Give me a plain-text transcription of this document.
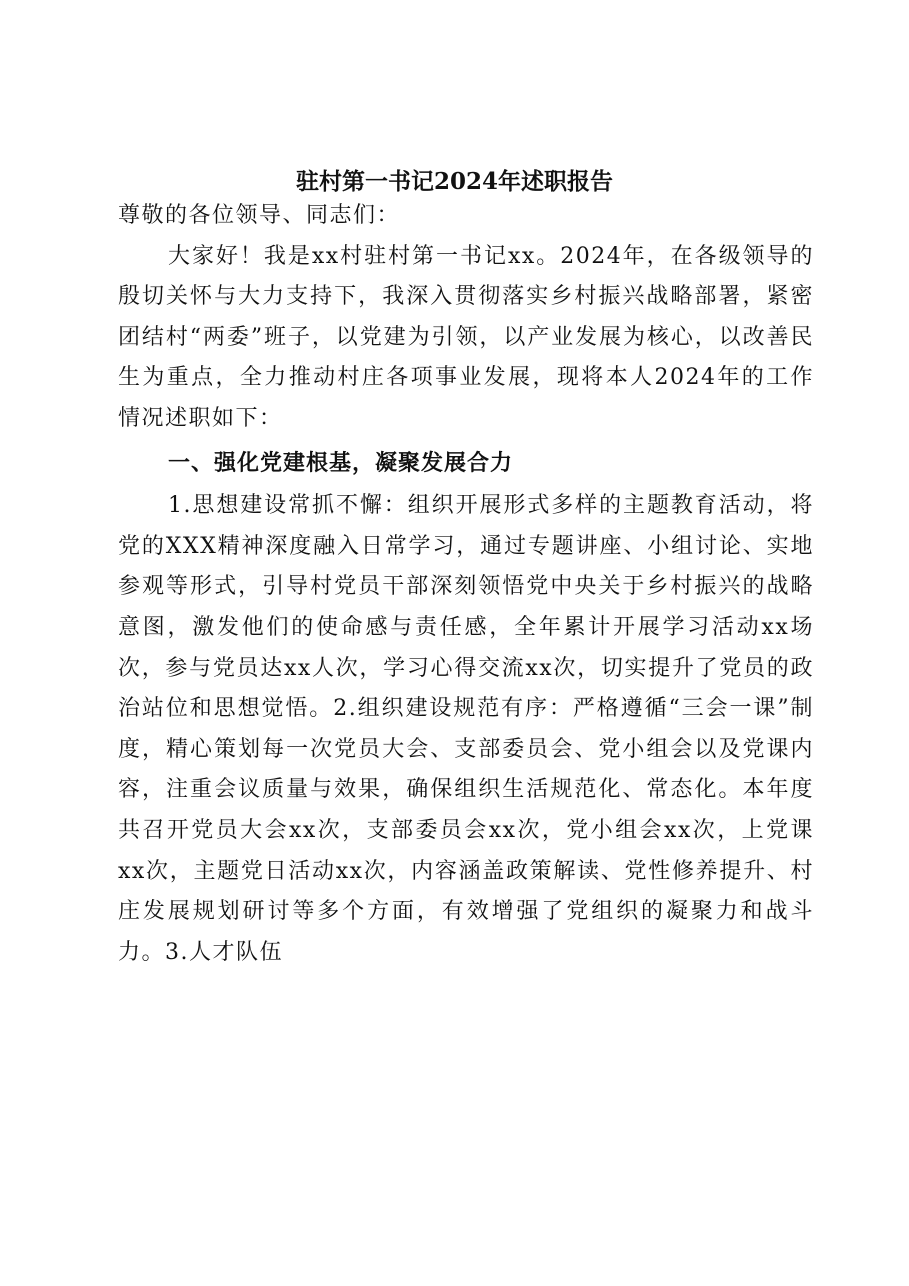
驻村第一书记2024年述职报告

尊敬的各位领导、同志们：

大家好！我是xx村驻村第一书记xx。2024年，在各级领导的殷切关怀与大力支持下，我深入贯彻落实乡村振兴战略部署，紧密团结村“两委”班子，以党建为引领，以产业发展为核心，以改善民生为重点，全力推动村庄各项事业发展，现将本人2024年的工作情况述职如下：

一、强化党建根基，凝聚发展合力

1.思想建设常抓不懈：组织开展形式多样的主题教育活动，将党的XXX精神深度融入日常学习，通过专题讲座、小组讨论、实地参观等形式，引导村党员干部深刻领悟党中央关于乡村振兴的战略意图，激发他们的使命感与责任感，全年累计开展学习活动xx场次，参与党员达xx人次，学习心得交流xx次，切实提升了党员的政治站位和思想觉悟。2.组织建设规范有序：严格遵循“三会一课”制度，精心策划每一次党员大会、支部委员会、党小组会以及党课内容，注重会议质量与效果，确保组织生活规范化、常态化。本年度共召开党员大会xx次，支部委员会xx次，党小组会xx次，上党课xx次，主题党日活动xx次，内容涵盖政策解读、党性修养提升、村庄发展规划研讨等多个方面，有效增强了党组织的凝聚力和战斗力。3.人才队伍
